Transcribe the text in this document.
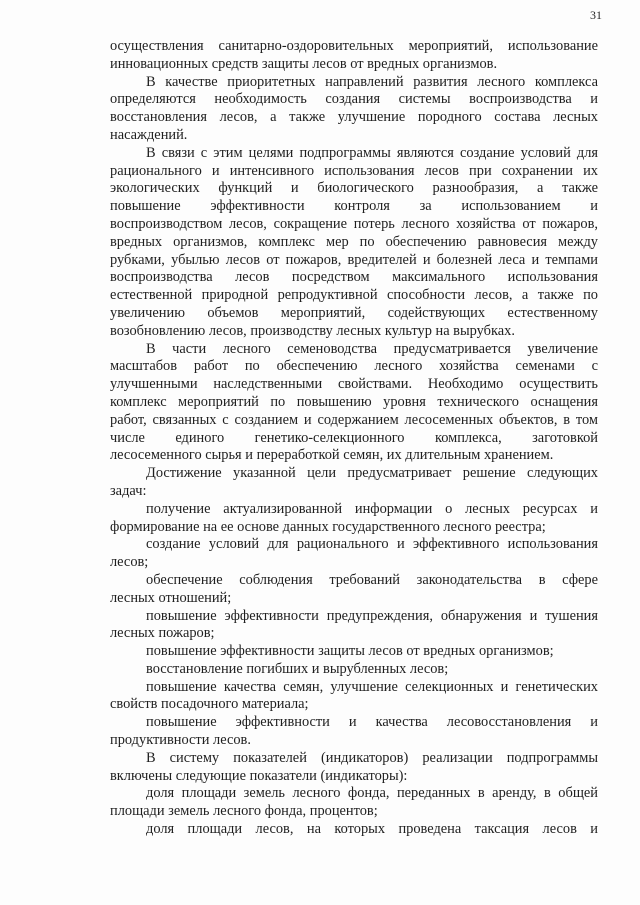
31
осуществления санитарно-оздоровительных мероприятий, использование
инновационных средств защиты лесов от вредных организмов.
В качестве приоритетных направлений развития лесного комплекса
определяются необходимость создания системы воспроизводства и
восстановления лесов, а также улучшение породного состава лесных
насаждений.
В связи с этим целями подпрограммы являются создание условий для
рационального и интенсивного использования лесов при сохранении их
экологических функций и биологического разнообразия, а также
повышение эффективности контроля за использованием и
воспроизводством лесов, сокращение потерь лесного хозяйства от пожаров,
вредных организмов, комплекс мер по обеспечению равновесия между
рубками, убылью лесов от пожаров, вредителей и болезней леса и темпами
воспроизводства лесов посредством максимального использования
естественной природной репродуктивной способности лесов, а также по
увеличению объемов мероприятий, содействующих естественному
возобновлению лесов, производству лесных культур на вырубках.
В части лесного семеноводства предусматривается увеличение
масштабов работ по обеспечению лесного хозяйства семенами с
улучшенными наследственными свойствами. Необходимо осуществить
комплекс мероприятий по повышению уровня технического оснащения
работ, связанных с созданием и содержанием лесосеменных объектов, в том
числе единого генетико-селекционного комплекса, заготовкой
лесосеменного сырья и переработкой семян, их длительным хранением.
Достижение указанной цели предусматривает решение следующих
задач:
получение актуализированной информации о лесных ресурсах и
формирование на ее основе данных государственного лесного реестра;
создание условий для рационального и эффективного использования
лесов;
обеспечение соблюдения требований законодательства в сфере
лесных отношений;
повышение эффективности предупреждения, обнаружения и тушения
лесных пожаров;
повышение эффективности защиты лесов от вредных организмов;
восстановление погибших и вырубленных лесов;
повышение качества семян, улучшение селекционных и генетических
свойств посадочного материала;
повышение эффективности и качества лесовосстановления и
продуктивности лесов.
В систему показателей (индикаторов) реализации подпрограммы
включены следующие показатели (индикаторы):
доля площади земель лесного фонда, переданных в аренду, в общей
площади земель лесного фонда, процентов;
доля площади лесов, на которых проведена таксация лесов и
